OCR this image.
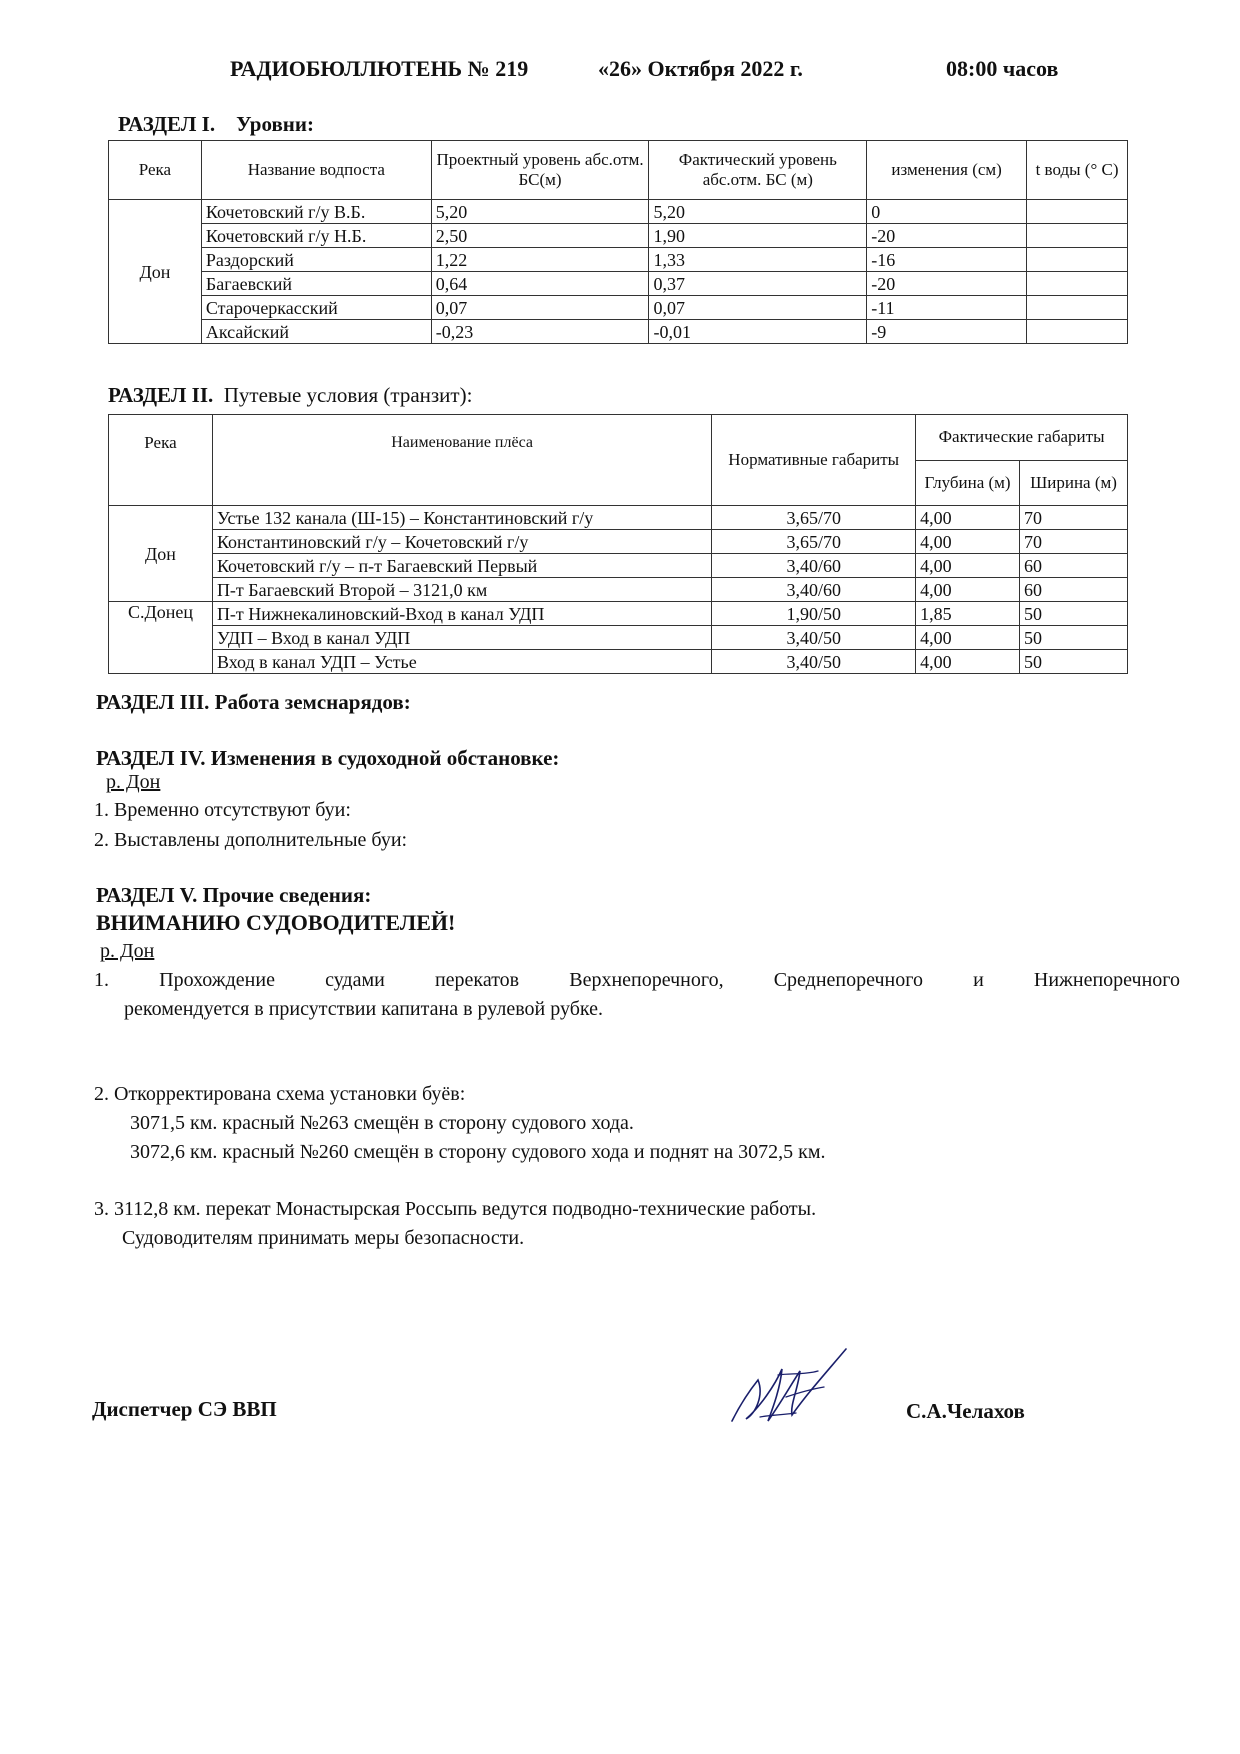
РАДИОБЮЛЛЮТЕНЬ № 219	«26» Октября 2022 г.	08:00 часов
РАЗДЕЛ I. Уровни:
Река	Название водпоста	Проектный уровень абс.отм. БС(м)	Фактический уровень абс.отм. БС (м)	изменения (см)	t воды (° С)
Дон	Кочетовский г/у В.Б.	5,20	5,20	0	
	Кочетовский г/у Н.Б.	2,50	1,90	-20	
	Раздорский	1,22	1,33	-16	
	Багаевский	0,64	0,37	-20	
	Старочеркасский	0,07	0,07	-11	
	Аксайский	-0,23	-0,01	-9	
РАЗДЕЛ II. Путевые условия (транзит):
Река	Наименование плёса	Нормативные габариты	Фактические габариты	
			Глубина (м)	Ширина (м)
Дон	Устье 132 канала (Ш-15) – Константиновский г/у	3,65/70	4,00	70
	Константиновский г/у – Кочетовский г/у	3,65/70	4,00	70
	Кочетовский г/у – п-т Багаевский Первый	3,40/60	4,00	60
	П-т Багаевский Второй – 3121,0 км	3,40/60	4,00	60
С.Донец	П-т Нижнекалиновский-Вход в канал УДП	1,90/50	1,85	50
	УДП – Вход в канал УДП	3,40/50	4,00	50
	Вход в канал УДП – Устье	3,40/50	4,00	50
РАЗДЕЛ III. Работа земснарядов:
РАЗДЕЛ IV. Изменения в судоходной обстановке:
р. Дон
1. Временно отсутствуют буи:
2. Выставлены дополнительные буи:
РАЗДЕЛ V. Прочие сведения:
ВНИМАНИЮ СУДОВОДИТЕЛЕЙ!
р. Дон
1. Прохождение судами перекатов Верхнепоречного, Среднепоречного и Нижнепоречного
рекомендуется в присутствии капитана в рулевой рубке.
2. Откорректирована схема установки буёв:
3071,5 км. красный №263 смещён в сторону судового хода.
3072,6 км. красный №260 смещён в сторону судового хода и поднят на 3072,5 км.
3. 3112,8 км. перекат Монастырская Россыпь ведутся подводно-технические работы.
Судоводителям принимать меры безопасности.
Диспетчер СЭ ВВП	С.А.Челахов
